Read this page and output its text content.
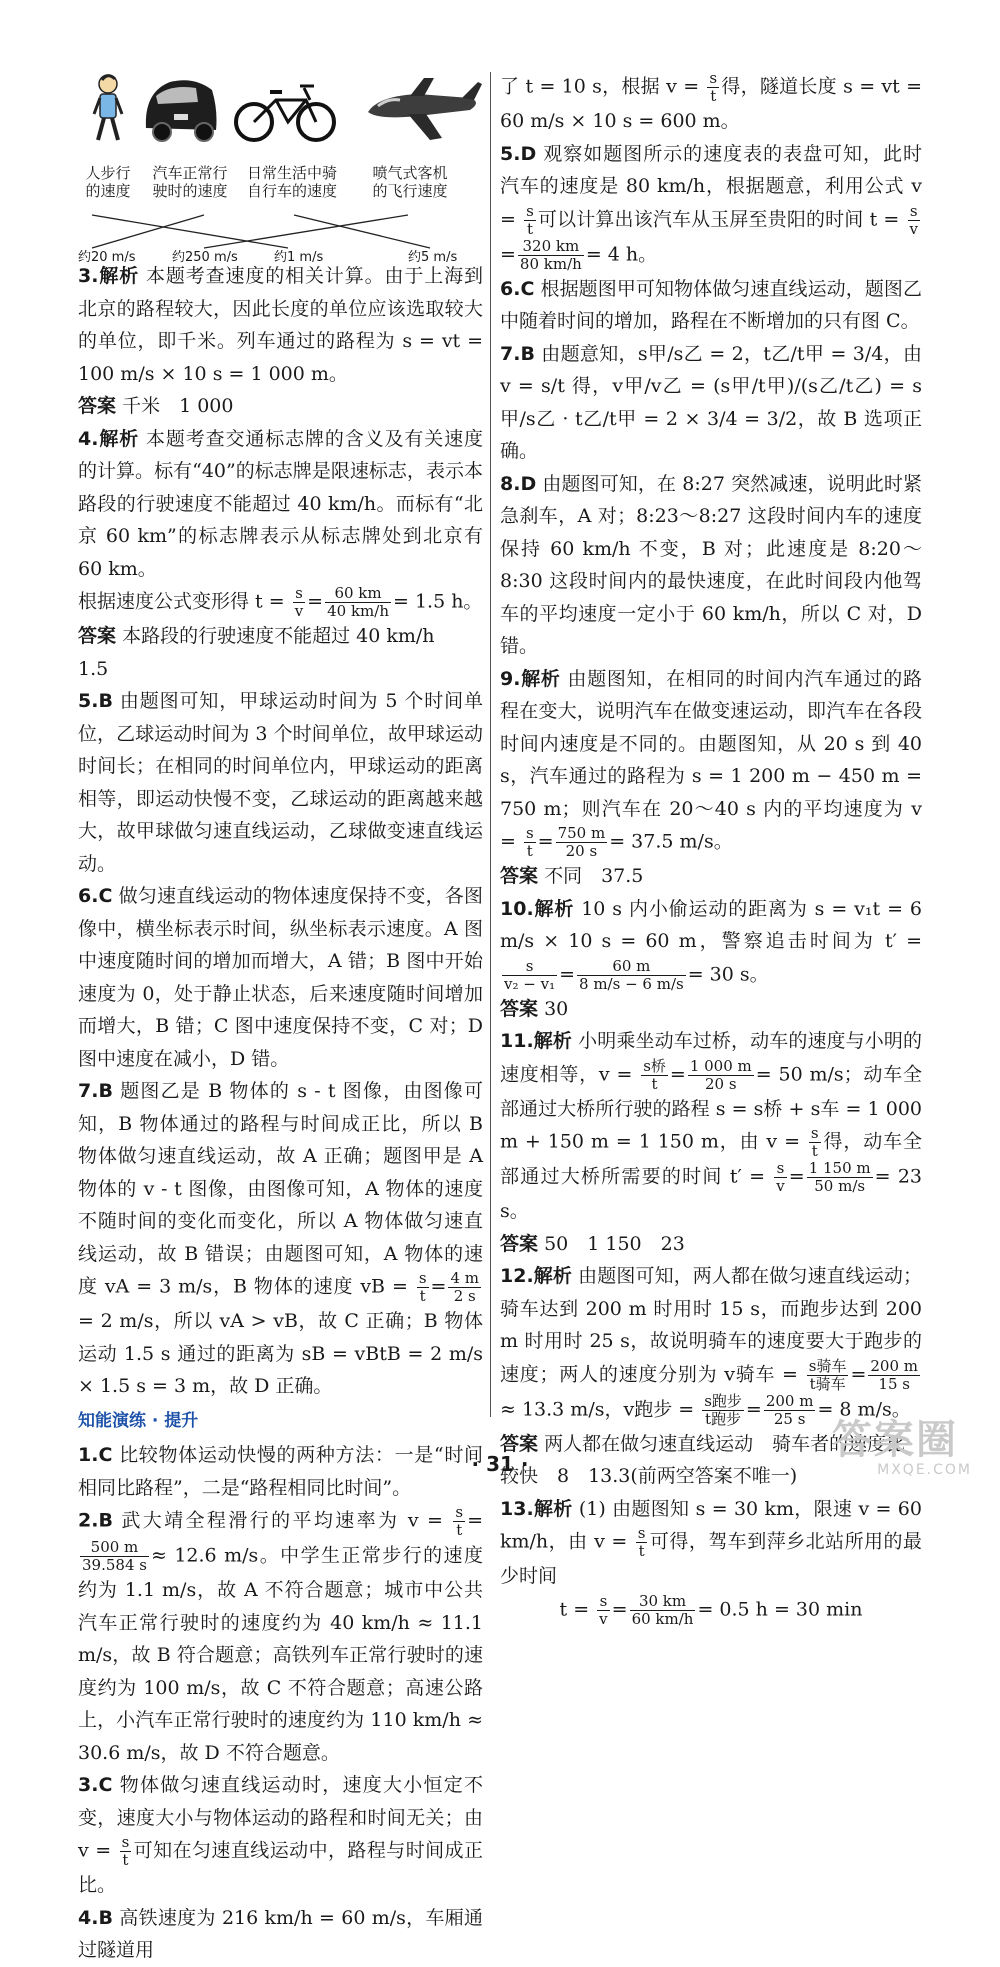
人步行
的速度
汽车正常行
驶时的速度
日常生活中骑
自行车的速度
喷气式客机
的飞行速度
约20 m/s	约250 m/s	约1 m/s	约5 m/s

3.解析 本题考查速度的相关计算。由于上海到北京的路程较大，因此长度的单位应该选取较大的单位，即千米。列车通过的路程为 s = vt = 100 m/s × 10 s = 1 000 m。

答案 千米　1 000

4.解析 本题考查交通标志牌的含义及有关速度的计算。标有“40”的标志牌是限速标志，表示本路段的行驶速度不能超过 40 km/h。而标有“北京 60 km”的标志牌表示从标志牌处到北京有 60 km。
根据速度公式变形得 $t = \frac{s}{v} = \frac{60 km}{40 km/h} = 1.5$ h。

答案 本路段的行驶速度不能超过 40 km/h　1.5

5.B 由题图可知，甲球运动时间为 5 个时间单位，乙球运动时间为 3 个时间单位，故甲球运动时间长；在相同的时间单位内，甲球运动的距离相等，即运动快慢不变，乙球运动的距离越来越大，故甲球做匀速直线运动，乙球做变速直线运动。

6.C 做匀速直线运动的物体速度保持不变，各图像中，横坐标表示时间，纵坐标表示速度。A 图中速度随时间的增加而增大，A 错；B 图中开始速度为 0，处于静止状态，后来速度随时间增加而增大，B 错；C 图中速度保持不变，C 对；D 图中速度在减小，D 错。

7.B 题图乙是 B 物体的 s - t 图像，由图像可知，B 物体通过的路程与时间成正比，所以 B 物体做匀速直线运动，故 A 正确；题图甲是 A 物体的 v - t 图像，由图像可知，A 物体的速度不随时间的变化而变化，所以 A 物体做匀速直线运动，故 B 错误；由题图可知，A 物体的速度 vA = 3 m/s，B 物体的速度 vB = $\frac{s}{t} = \frac{4 m}{2 s}$
= 2 m/s，所以 vA > vB，故 C 正确；B 物体运动 1.5 s 通过的距离为 sB = vBtB = 2 m/s × 1.5 s = 3 m，故 D 正确。

知能演练 · 提升

1.C 比较物体运动快慢的两种方法：一是“时间相同比路程”，二是“路程相同比时间”。

2.B 武大靖全程滑行的平均速率为 $v = \frac{s}{t}$ =
$\frac{500 m}{39.584 s} \approx 12.6$ m/s。中学生正常步行的速度约为 1.1 m/s，故 A 不符合题意；城市中公共汽车正常行驶时的速度约为 40 km/h ≈ 11.1 m/s，故 B 符合题意；高铁列车正常行驶时的速度约为 100 m/s，故 C 不符合题意；高速公路上，小汽车正常行驶时的速度约为 110 km/h ≈ 30.6 m/s，故 D 不符合题意。

3.C 物体做匀速直线运动时，速度大小恒定不变，速度大小与物体运动的路程和时间无关；由 $v = \frac{s}{t}$ 可知在匀速直线运动中，路程与时间成正比。

4.B 高铁速度为 216 km/h = 60 m/s，车厢通过隧道用

了 t = 10 s，根据 $v = \frac{s}{t}$ 得，隧道长度 s = vt = 60 m/s × 10 s = 600 m。

5.D 观察如题图所示的速度表的表盘可知，此时汽车的速度是 80 km/h，根据题意，利用公式 $v = \frac{s}{t}$ 可以计算出该汽车从玉屏至贵阳的时间 $t = \frac{s}{v}$
= $\frac{320 km}{80 km/h} = 4$ h。

6.C 根据题图甲可知物体做匀速直线运动，题图乙中随着时间的增加，路程在不断增加的只有图 C。

7.B 由题意知，s甲/s乙 = 2，t乙/t甲 = 3/4，由 v = s/t 得，v甲/v乙 = (s甲/t甲)/(s乙/t乙) = s甲/s乙 · t乙/t甲 = 2 × 3/4 = 3/2，故 B 选项正确。

8.D 由题图可知，在 8:27 突然减速，说明此时紧急刹车，A 对；8:23～8:27 这段时间内车的速度保持 60 km/h 不变，B 对；此速度是 8:20～8:30 这段时间内的最快速度，在此时间段内他驾车的平均速度一定小于 60 km/h，所以 C 对，D 错。

9.解析 由题图知，在相同的时间内汽车通过的路程在变大，说明汽车在做变速运动，即汽车在各段时间内速度是不同的。由题图知，从 20 s 到 40 s，汽车通过的路程为 s = 1 200 m − 450 m = 750 m；则汽车在 20～40 s 内的平均速度为 $v = \frac{s}{t} = \frac{750 m}{20 s} = 37.5$ m/s。

答案 不同　37.5

10.解析 10 s 内小偷运动的距离为 s = v₁t = 6 m/s × 10 s = 60 m，警察追击时间为 t′ =
$\frac{s}{\text{v₂ − v₁}} = \frac{60 m}{8 m/s - 6 m/s} = 30$ s。

答案 30

11.解析 小明乘坐动车过桥，动车的速度与小明的速度相等，$v = \frac{\text{s桥}}{t} = \frac{1 000 m}{20 s} = 50$ m/s；动车全部通过大桥所行驶的路程 s = s桥 + s车 = 1 000 m + 150 m = 1 150 m，由 $v = \frac{s}{t}$ 得，动车全部通过大桥所需要的时间 $t' = \frac{s}{v} = \frac{1 150 m}{50 m/s} = 23$ s。

答案 50　1 150　23

12.解析 由题图可知，两人都在做匀速直线运动；骑车达到 200 m 时用时 15 s，而跑步达到 200 m 时用时 25 s，故说明骑车的速度要大于跑步的速度；两人的速度分别为 v骑车 = $\frac{\text{s骑车}}{\text{t骑车}} = \frac{200 m}{15 s}$
≈ 13.3 m/s，v跑步 = $\frac{\text{s跑步}}{\text{t跑步}} = \frac{200 m}{25 s} = 8$ m/s。

答案 两人都在做匀速直线运动　骑车者的速度比较快　8　13.3(前两空答案不唯一)

13.解析 (1) 由题图知 s = 30 km，限速 v = 60 km/h，由 $v = \frac{s}{t}$ 可得，驾车到萍乡北站所用的最少时间

$t = \frac{s}{v} = \frac{30 km}{60 km/h} = 0.5$ h = 30 min

· 31 ·
答案圈
MXQE.COM
